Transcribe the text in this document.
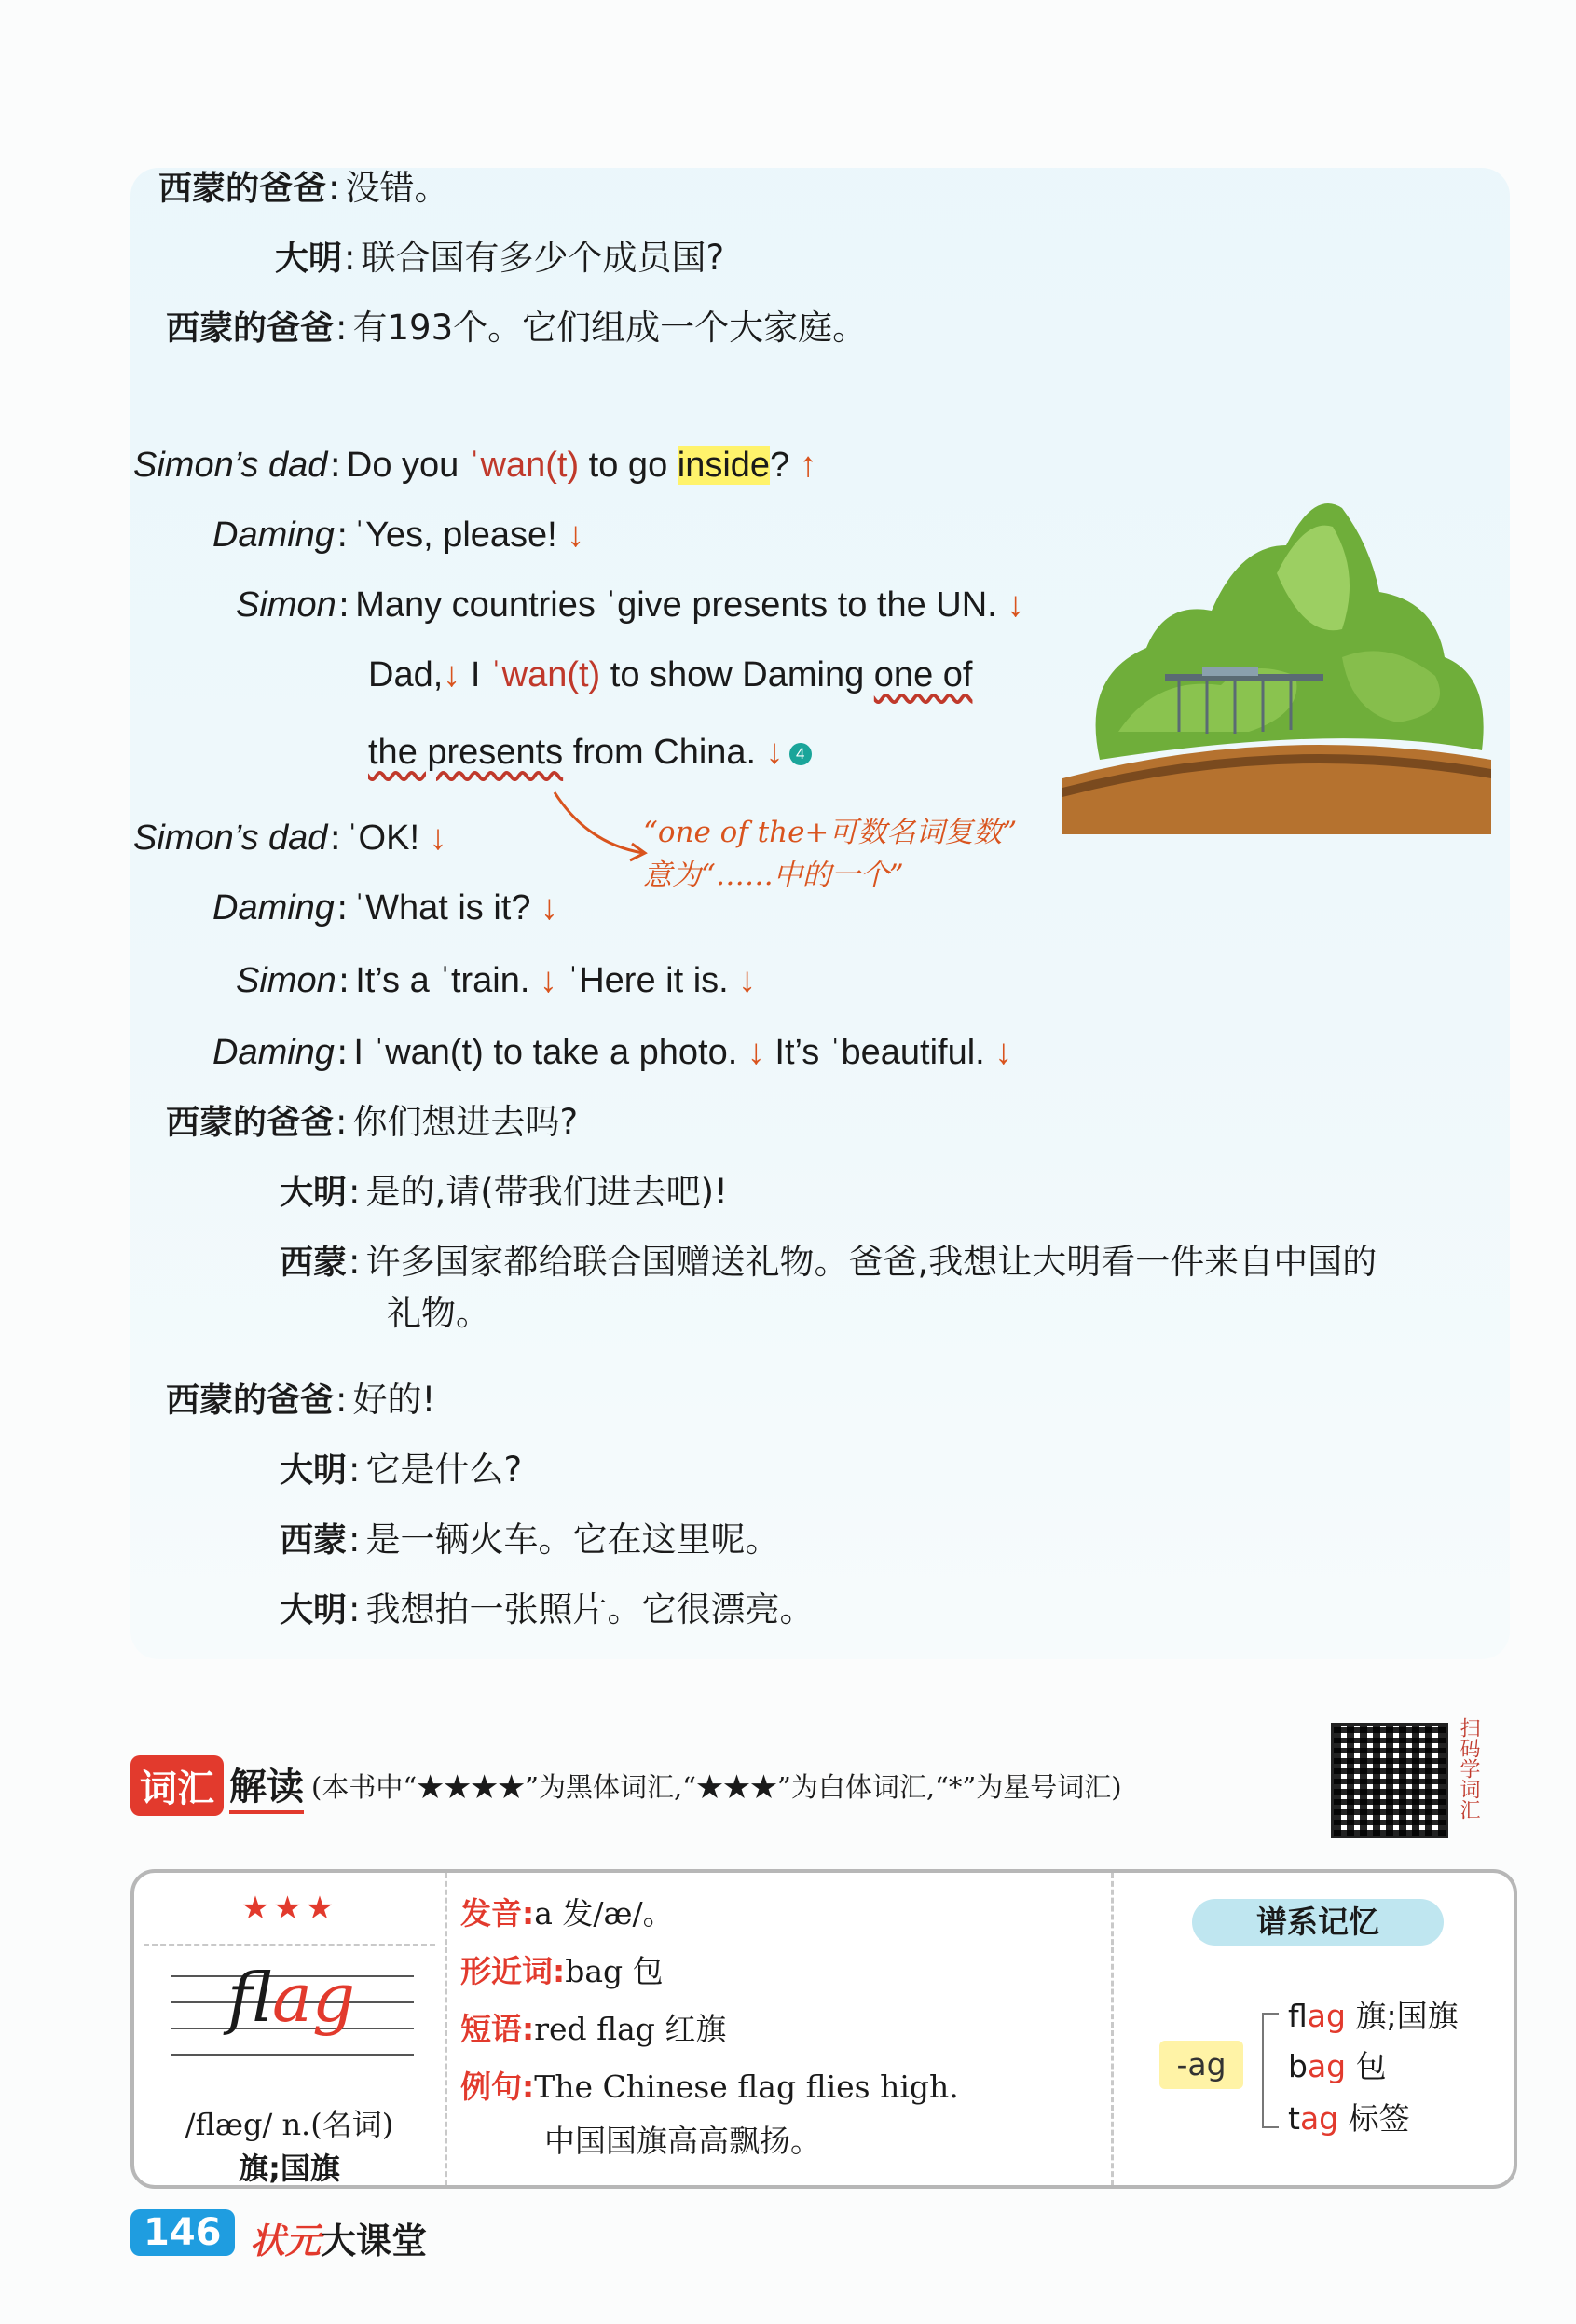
西蒙的爸爸: 没错。
大明: 联合国有多少个成员国?
西蒙的爸爸: 有193个。它们组成一个大家庭。
Simon’s dad: Do you ˈwan(t) to go inside? ↑
Daming: ˈYes, please! ↓
Simon: Many countries ˈgive presents to the UN. ↓
Dad,↓ I ˈwan(t) to show Daming one of
the presents from China. ↓ 4
Simon’s dad: ˈOK! ↓
Daming: ˈWhat is it? ↓
Simon: It’s a ˈtrain. ↓ ˈHere it is. ↓
Daming: I ˈwan(t) to take a photo. ↓ It’s ˈbeautiful. ↓
“one of the+可数名词复数”
意为“……中的一个”
西蒙的爸爸: 你们想进去吗?
大明: 是的,请(带我们进去吧)!
西蒙: 许多国家都给联合国赠送礼物。爸爸,我想让大明看一件来自中国的
礼物。
西蒙的爸爸: 好的!
大明: 它是什么?
西蒙: 是一辆火车。它在这里呢。
大明: 我想拍一张照片。它很漂亮。
词汇 解读 (本书中“★★★★”为黑体词汇,“★★★”为白体词汇,“*”为星号词汇)	扫码学词汇
★★★
flag
/flæg/ n.(名词)
旗;国旗
发音:a 发/æ/。
形近词:bag 包
短语:red flag 红旗
例句:The Chinese flag flies high.
中国国旗高高飘扬。
谱系记忆
-ag
flag 旗;国旗
bag 包
tag 标签
146 状元大课堂
